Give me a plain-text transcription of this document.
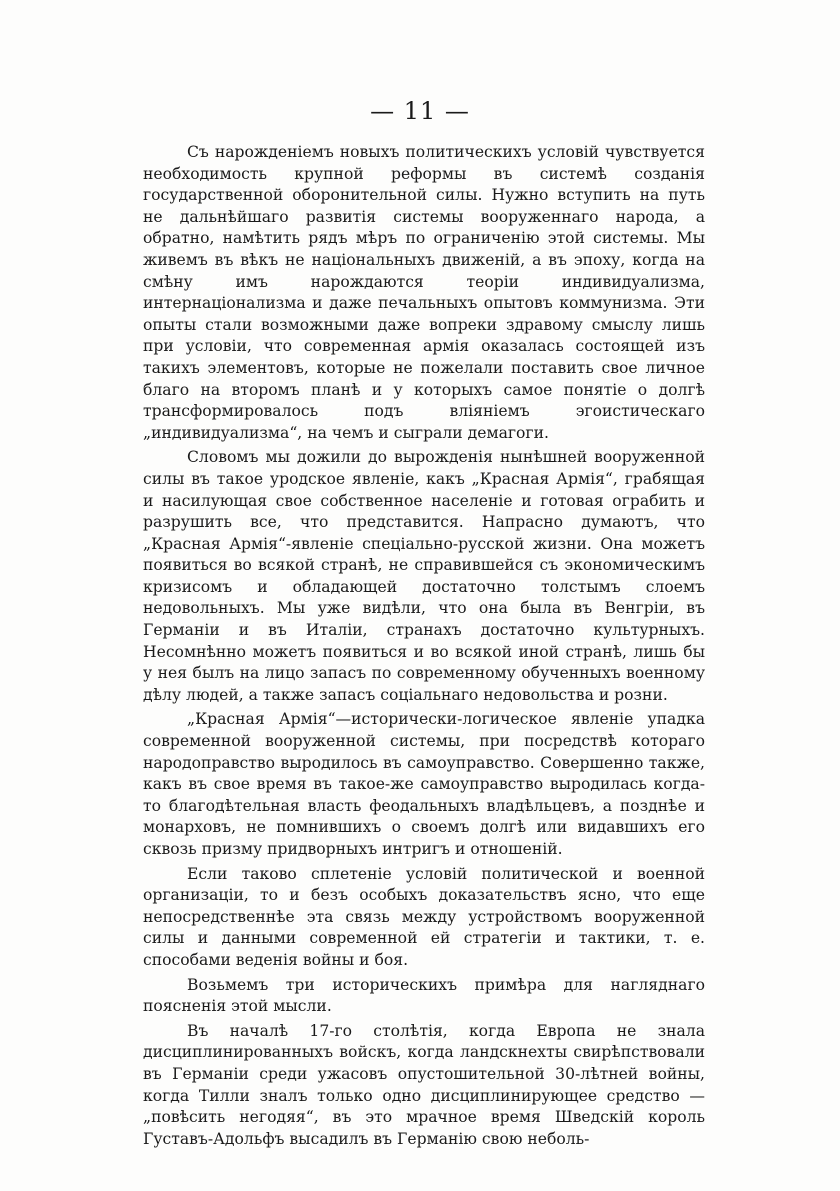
— 11 —

Съ нарожденіемъ новыхъ политическихъ условій чувствуется необходимость крупной реформы въ системѣ созданія государственной оборонительной силы. Нужно вступить на путь не дальнѣйшаго развитія системы вооруженнаго народа, а обратно, намѣтить рядъ мѣръ по ограниченію этой системы. Мы живемъ въ вѣкъ не національныхъ движеній, а въ эпоху, когда на смѣну имъ нарождаются теоріи индивидуализма, интернаціонализма и даже печальныхъ опытовъ коммунизма. Эти опыты стали возможными даже вопреки здравому смыслу лишь при условіи, что современная армія оказалась состоящей изъ такихъ элементовъ, которые не пожелали поставить свое личное благо на второмъ планѣ и у которыхъ самое понятіе о долгѣ трансформировалось подъ вліяніемъ эгоистическаго „индивидуализма“, на чемъ и сыграли демагоги.

Словомъ мы дожили до вырожденія нынѣшней вооруженной силы въ такое уродское явленіе, какъ „Красная Армія“, грабящая и насилующая свое собственное населеніе и готовая ограбить и разрушить все, что представится. Напрасно думаютъ, что „Красная Армія“-явленіе спеціально-русской жизни. Она можетъ появиться во всякой странѣ, не справившейся съ экономическимъ кризисомъ и обладающей достаточно толстымъ слоемъ недовольныхъ. Мы уже видѣли, что она была въ Венгріи, въ Германіи и въ Италіи, странахъ достаточно культурныхъ. Несомнѣнно можетъ появиться и во всякой иной странѣ, лишь бы у нея былъ на лицо запасъ по современному обученныхъ военному дѣлу людей, а также запасъ соціальнаго недовольства и розни.

„Красная Армія“—исторически-логическое явленіе упадка современной вооруженной системы, при посредствѣ котораго народоправство выродилось въ самоуправство. Совершенно также, какъ въ свое время въ такое-же самоуправство выродилась когда-то благодѣтельная власть феодальныхъ владѣльцевъ, а позднѣе и монарховъ, не помнившихъ о своемъ долгѣ или видавшихъ его сквозь призму придворныхъ интригъ и отношеній.

Если таково сплетеніе условій политической и военной организаціи, то и безъ особыхъ доказательствъ ясно, что еще непосредственнѣе эта связь между устройствомъ вооруженной силы и данными современной ей стратегіи и тактики, т. е. способами веденія войны и боя.

Возьмемъ три историческихъ примѣра для нагляднаго поясненія этой мысли.

Въ началѣ 17-го столѣтія, когда Европа не знала дисциплинированныхъ войскъ, когда ландскнехты свирѣпствовали въ Германіи среди ужасовъ опустошительной 30-лѣтней войны, когда Тилли зналъ только одно дисциплинирующее средство —„повѣсить негодяя“, въ это мрачное время Шведскій король Густавъ-Адольфъ высадилъ въ Германію свою неболь-
